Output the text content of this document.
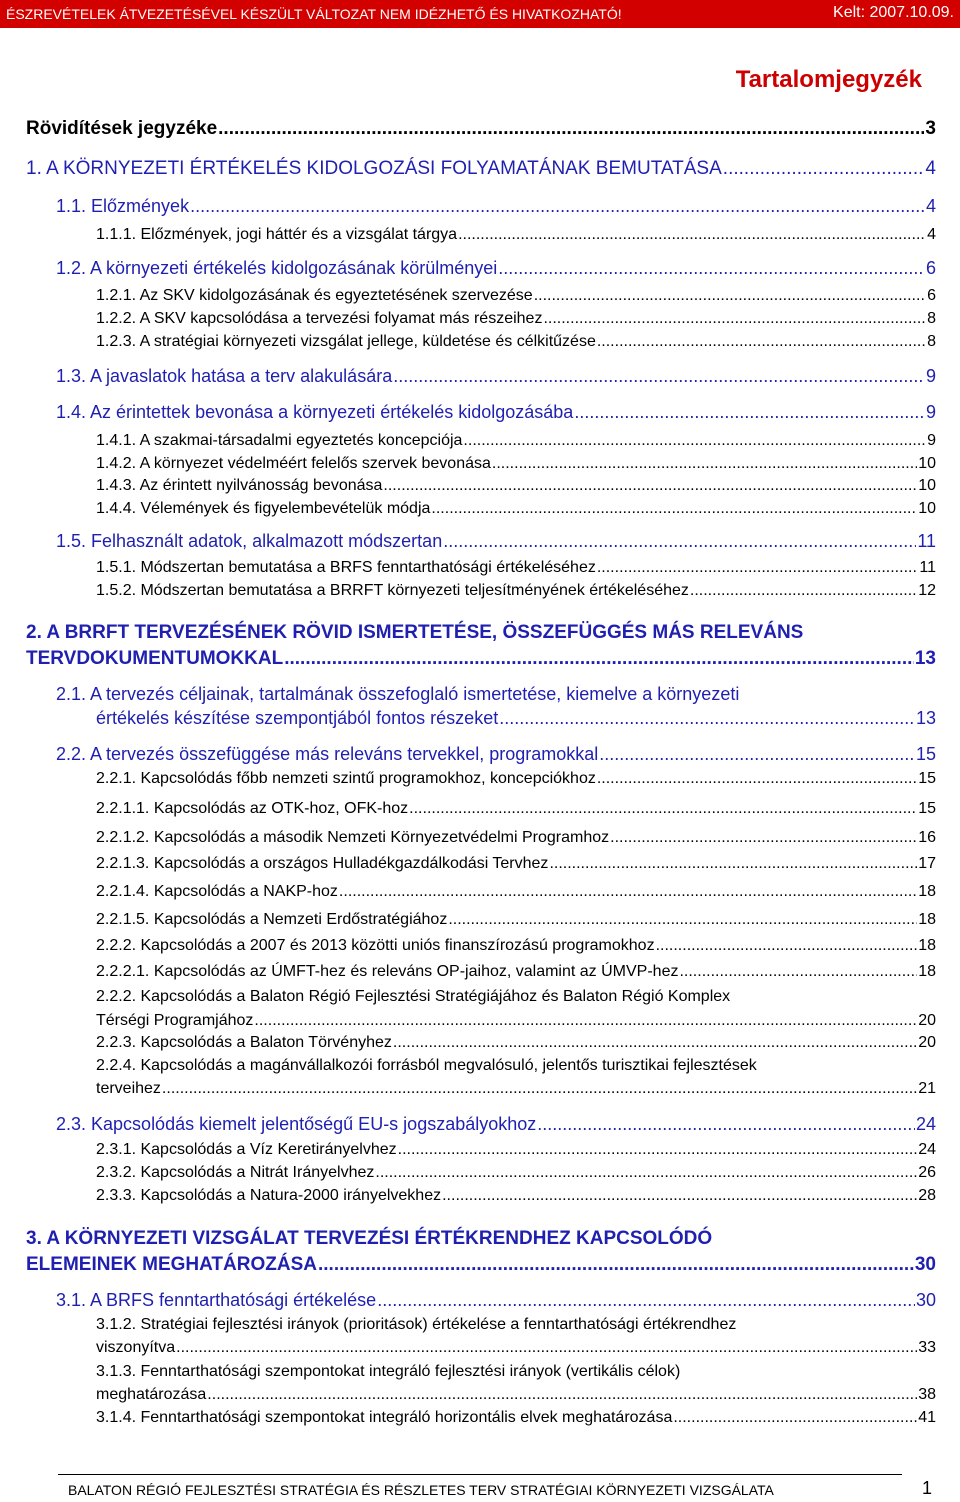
ÉSZREVÉTELEK ÁTVEZETÉSÉVEL KÉSZÜLT VÁLTOZAT NEM IDÉZHETŐ ÉS HIVATKOZHATÓ!	Kelt: 2007.10.09.
Tartalomjegyzék
Rövidítések jegyzéke .....	3
1. A KÖRNYEZETI ÉRTÉKELÉS KIDOLGOZÁSI FOLYAMATÁNAK BEMUTATÁSA .....	4
1.1. Előzmények .....	4
1.1.1. Előzmények, jogi háttér és a vizsgálat tárgya .....	4
1.2. A környezeti értékelés kidolgozásának körülményei .....	6
1.2.1. Az SKV kidolgozásának és egyeztetésének szervezése .....	6
1.2.2. A SKV kapcsolódása a tervezési folyamat más részeihez .....	8
1.2.3. A stratégiai környezeti vizsgálat jellege, küldetése és célkitűzése .....	8
1.3. A javaslatok hatása a terv alakulására .....	9
1.4. Az érintettek bevonása a környezeti értékelés kidolgozásába .....	9
1.4.1. A szakmai-társadalmi egyeztetés koncepciója .....	9
1.4.2. A környezet védelméért felelős szervek bevonása .....	10
1.4.3. Az érintett nyilvánosság bevonása .....	10
1.4.4. Vélemények és figyelembevételük módja .....	10
1.5. Felhasznált adatok, alkalmazott módszertan .....	11
1.5.1. Módszertan bemutatása a BRFS fenntarthatósági értékeléséhez .....	11
1.5.2. Módszertan bemutatása a BRRFT környezeti teljesítményének értékeléséhez .....	12
2. A BRRFT TERVEZÉSÉNEK RÖVID ISMERTETÉSE, ÖSSZEFÜGGÉS MÁS RELEVÁNS
TERVDOKUMENTUMOKKAL .....	13
2.1. A tervezés céljainak, tartalmának összefoglaló ismertetése, kiemelve a környezeti
értékelés készítése szempontjából fontos részeket .....	13
2.2. A tervezés összefüggése más releváns tervekkel, programokkal .....	15
2.2.1. Kapcsolódás főbb nemzeti szintű programokhoz, koncepciókhoz .....	15
2.2.1.1. Kapcsolódás az OTK-hoz, OFK-hoz .....	15
2.2.1.2. Kapcsolódás a második Nemzeti Környezetvédelmi Programhoz .....	16
2.2.1.3. Kapcsolódás a országos Hulladékgazdálkodási Tervhez .....	17
2.2.1.4. Kapcsolódás a NAKP-hoz .....	18
2.2.1.5. Kapcsolódás a Nemzeti Erdőstratégiához .....	18
2.2.2. Kapcsolódás a 2007 és 2013 közötti uniós finanszírozású programokhoz .....	18
2.2.2.1. Kapcsolódás az ÚMFT-hez és releváns OP-jaihoz, valamint az ÚMVP-hez .....	18
2.2.2. Kapcsolódás a Balaton Régió Fejlesztési Stratégiájához és Balaton Régió Komplex
Térségi Programjához .....	20
2.2.3. Kapcsolódás a Balaton Törvényhez .....	20
2.2.4. Kapcsolódás a magánvállalkozói forrásból megvalósuló, jelentős turisztikai fejlesztések
terveihez .....	21
2.3. Kapcsolódás kiemelt jelentőségű EU-s jogszabályokhoz .....	24
2.3.1. Kapcsolódás a Víz Keretirányelvhez .....	24
2.3.2. Kapcsolódás a Nitrát Irányelvhez .....	26
2.3.3. Kapcsolódás a Natura-2000 irányelvekhez .....	28
3. A KÖRNYEZETI VIZSGÁLAT TERVEZÉSI ÉRTÉKRENDHEZ KAPCSOLÓDÓ
ELEMEINEK MEGHATÁROZÁSA .....	30
3.1. A BRFS fenntarthatósági értékelése .....	30
3.1.2. Stratégiai fejlesztési irányok (prioritások) értékelése a fenntarthatósági értékrendhez
viszonyítva .....	33
3.1.3. Fenntarthatósági szempontokat integráló fejlesztési irányok (vertikális célok)
meghatározása .....	38
3.1.4. Fenntarthatósági szempontokat integráló horizontális elvek meghatározása .....	41
BALATON RÉGIÓ FEJLESZTÉSI STRATÉGIA ÉS RÉSZLETES TERV STRATÉGIAI KÖRNYEZETI VIZSGÁLATA	1
